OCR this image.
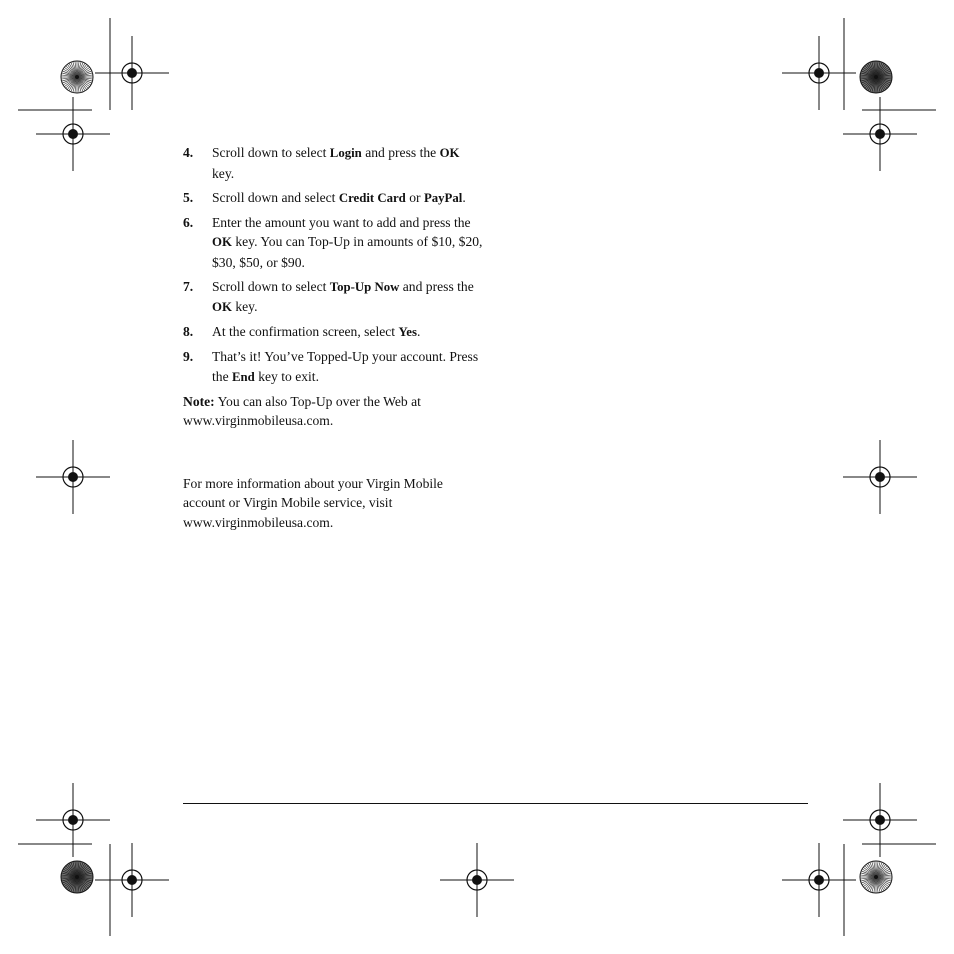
4.	Scroll down to select Login and press the OK key.
5.	Scroll down and select Credit Card or PayPal.
6.	Enter the amount you want to add and press the OK key. You can Top-Up in amounts of $10, $20, $30, $50, or $90.
7.	Scroll down to select Top-Up Now and press the OK key.
8.	At the confirmation screen, select Yes.
9.	That’s it! You’ve Topped-Up your account. Press the End key to exit.
Note: You can also Top-Up over the Web at www.virginmobileusa.com.
For more information about your Virgin Mobile account or Virgin Mobile service, visit www.virginmobileusa.com.
